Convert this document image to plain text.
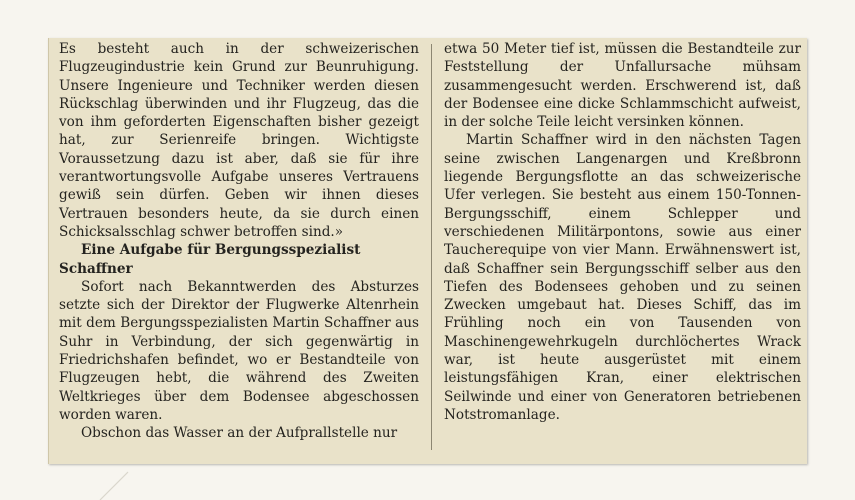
Es besteht auch in der schweizerischen Flugzeugindustrie kein Grund zur Beunruhigung. Unsere Ingenieure und Techniker werden diesen Rückschlag überwinden und ihr Flugzeug, das die von ihm geforderten Eigenschaften bisher gezeigt hat, zur Serienreife bringen. Wichtigste Voraussetzung dazu ist aber, daß sie für ihre verantwortungsvolle Aufgabe unseres Vertrauens gewiß sein dürfen. Geben wir ihnen dieses Vertrauen besonders heute, da sie durch einen Schicksalsschlag schwer betroffen sind.»

Eine Aufgabe für Bergungsspezialist Schaffner

Sofort nach Bekanntwerden des Absturzes setzte sich der Direktor der Flugwerke Altenrhein mit dem Bergungsspezialisten Martin Schaffner aus Suhr in Verbindung, der sich gegenwärtig in Friedrichshafen befindet, wo er Bestandteile von Flugzeugen hebt, die während des Zweiten Weltkrieges über dem Bodensee abgeschossen worden waren.

Obschon das Wasser an der Aufprallstelle nur

etwa 50 Meter tief ist, müssen die Bestandteile zur Feststellung der Unfallursache mühsam zusammengesucht werden. Erschwerend ist, daß der Bodensee eine dicke Schlammschicht aufweist, in der solche Teile leicht versinken können.

Martin Schaffner wird in den nächsten Tagen seine zwischen Langenargen und Kreßbronn liegende Bergungsflotte an das schweizerische Ufer verlegen. Sie besteht aus einem 150-Tonnen-Bergungsschiff, einem Schlepper und verschiedenen Militärpontons, sowie aus einer Taucherequipe von vier Mann. Erwähnenswert ist, daß Schaffner sein Bergungsschiff selber aus den Tiefen des Bodensees gehoben und zu seinen Zwecken umgebaut hat. Dieses Schiff, das im Frühling noch ein von Tausenden von Maschinengewehrkugeln durchlöchertes Wrack war, ist heute ausgerüstet mit einem leistungsfähigen Kran, einer elektrischen Seilwinde und einer von Generatoren betriebenen Notstromanlage.
